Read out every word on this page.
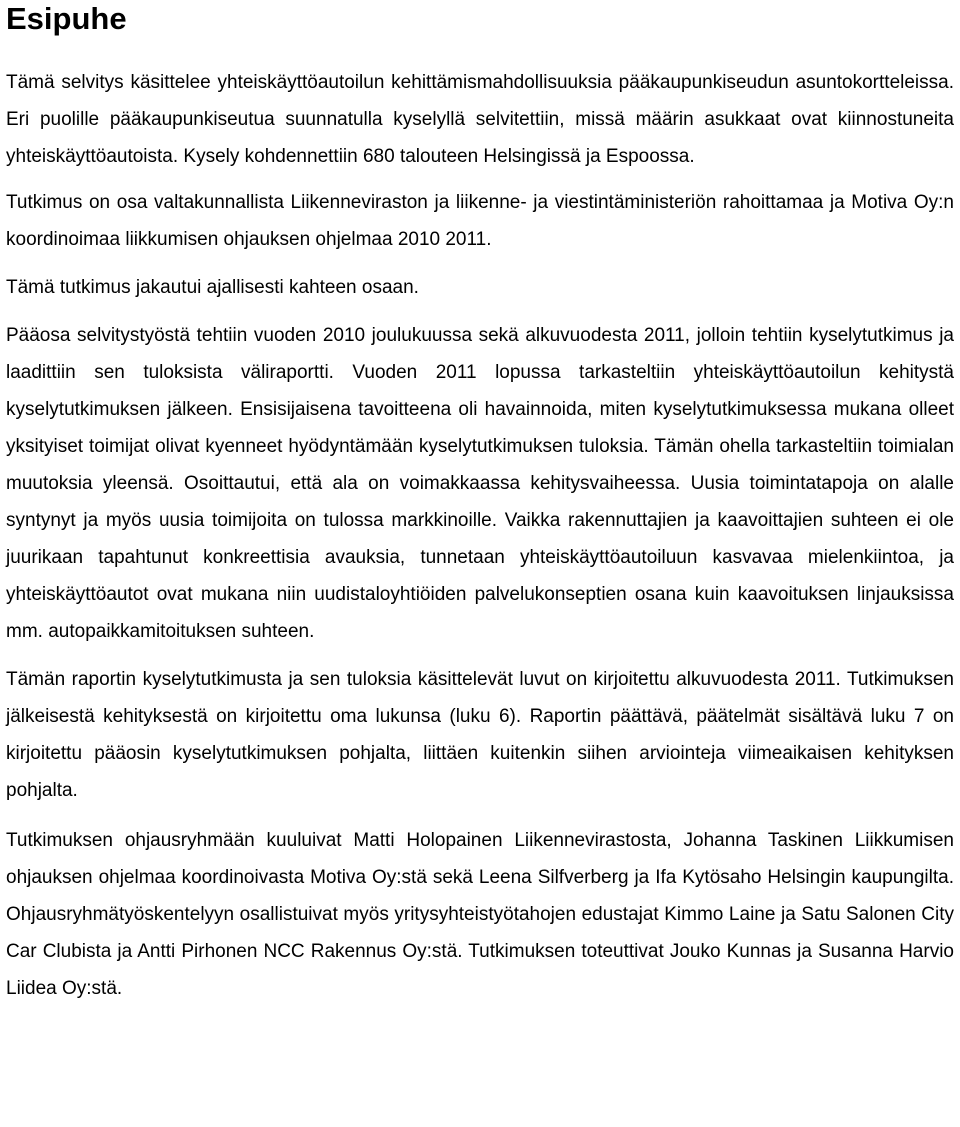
Esipuhe

Tämä selvitys käsittelee yhteiskäyttöautoilun kehittämismahdollisuuksia pääkaupunkiseudun asuntokortteleissa. Eri puolille pääkaupunkiseutua suunnatulla kyselyllä selvitettiin, missä määrin asukkaat ovat kiinnostuneita yhteiskäyttöautoista. Kysely kohdennettiin 680 talouteen Helsingissä ja Espoossa.

Tutkimus on osa valtakunnallista Liikenneviraston ja liikenne- ja viestintäministeriön rahoittamaa ja Motiva Oy:n koordinoimaa liikkumisen ohjauksen ohjelmaa 2010 2011.

Tämä tutkimus jakautui ajallisesti kahteen osaan.

Pääosa selvitystyöstä tehtiin vuoden 2010 joulukuussa sekä alkuvuodesta 2011, jolloin tehtiin kyselytutkimus ja laadittiin sen tuloksista väliraportti. Vuoden 2011 lopussa tarkasteltiin yhteiskäyttöautoilun kehitystä kyselytutkimuksen jälkeen. Ensisijaisena tavoitteena oli havainnoida, miten kyselytutkimuksessa mukana olleet yksityiset toimijat olivat kyenneet hyödyntämään kyselytutkimuksen tuloksia. Tämän ohella tarkasteltiin toimialan muutoksia yleensä. Osoittautui, että ala on voimakkaassa kehitysvaiheessa. Uusia toimintatapoja on alalle syntynyt ja myös uusia toimijoita on tulossa markkinoille. Vaikka rakennuttajien ja kaavoittajien suhteen ei ole juurikaan tapahtunut konkreettisia avauksia, tunnetaan yhteiskäyttöautoiluun kasvavaa mielenkiintoa, ja yhteiskäyttöautot ovat mukana niin uudistaloyhtiöiden palvelukonseptien osana kuin kaavoituksen linjauksissa mm. autopaikkamitoituksen suhteen.

Tämän raportin kyselytutkimusta ja sen tuloksia käsittelevät luvut on kirjoitettu alkuvuodesta 2011. Tutkimuksen jälkeisestä kehityksestä on kirjoitettu oma lukunsa (luku 6). Raportin päättävä, päätelmät sisältävä luku 7 on kirjoitettu pääosin kyselytutkimuksen pohjalta, liittäen kuitenkin siihen arviointeja viimeaikaisen kehityksen pohjalta.

Tutkimuksen ohjausryhmään kuuluivat Matti Holopainen Liikennevirastosta, Johanna Taskinen Liikkumisen ohjauksen ohjelmaa koordinoivasta Motiva Oy:stä sekä Leena Silfverberg ja Ifa Kytösaho Helsingin kaupungilta. Ohjausryhmätyöskentelyyn osallistuivat myös yritysyhteistyötahojen edustajat Kimmo Laine ja Satu Salonen City Car Clubista ja Antti Pirhonen NCC Rakennus Oy:stä. Tutkimuksen toteuttivat Jouko Kunnas ja Susanna Harvio Liidea Oy:stä.
